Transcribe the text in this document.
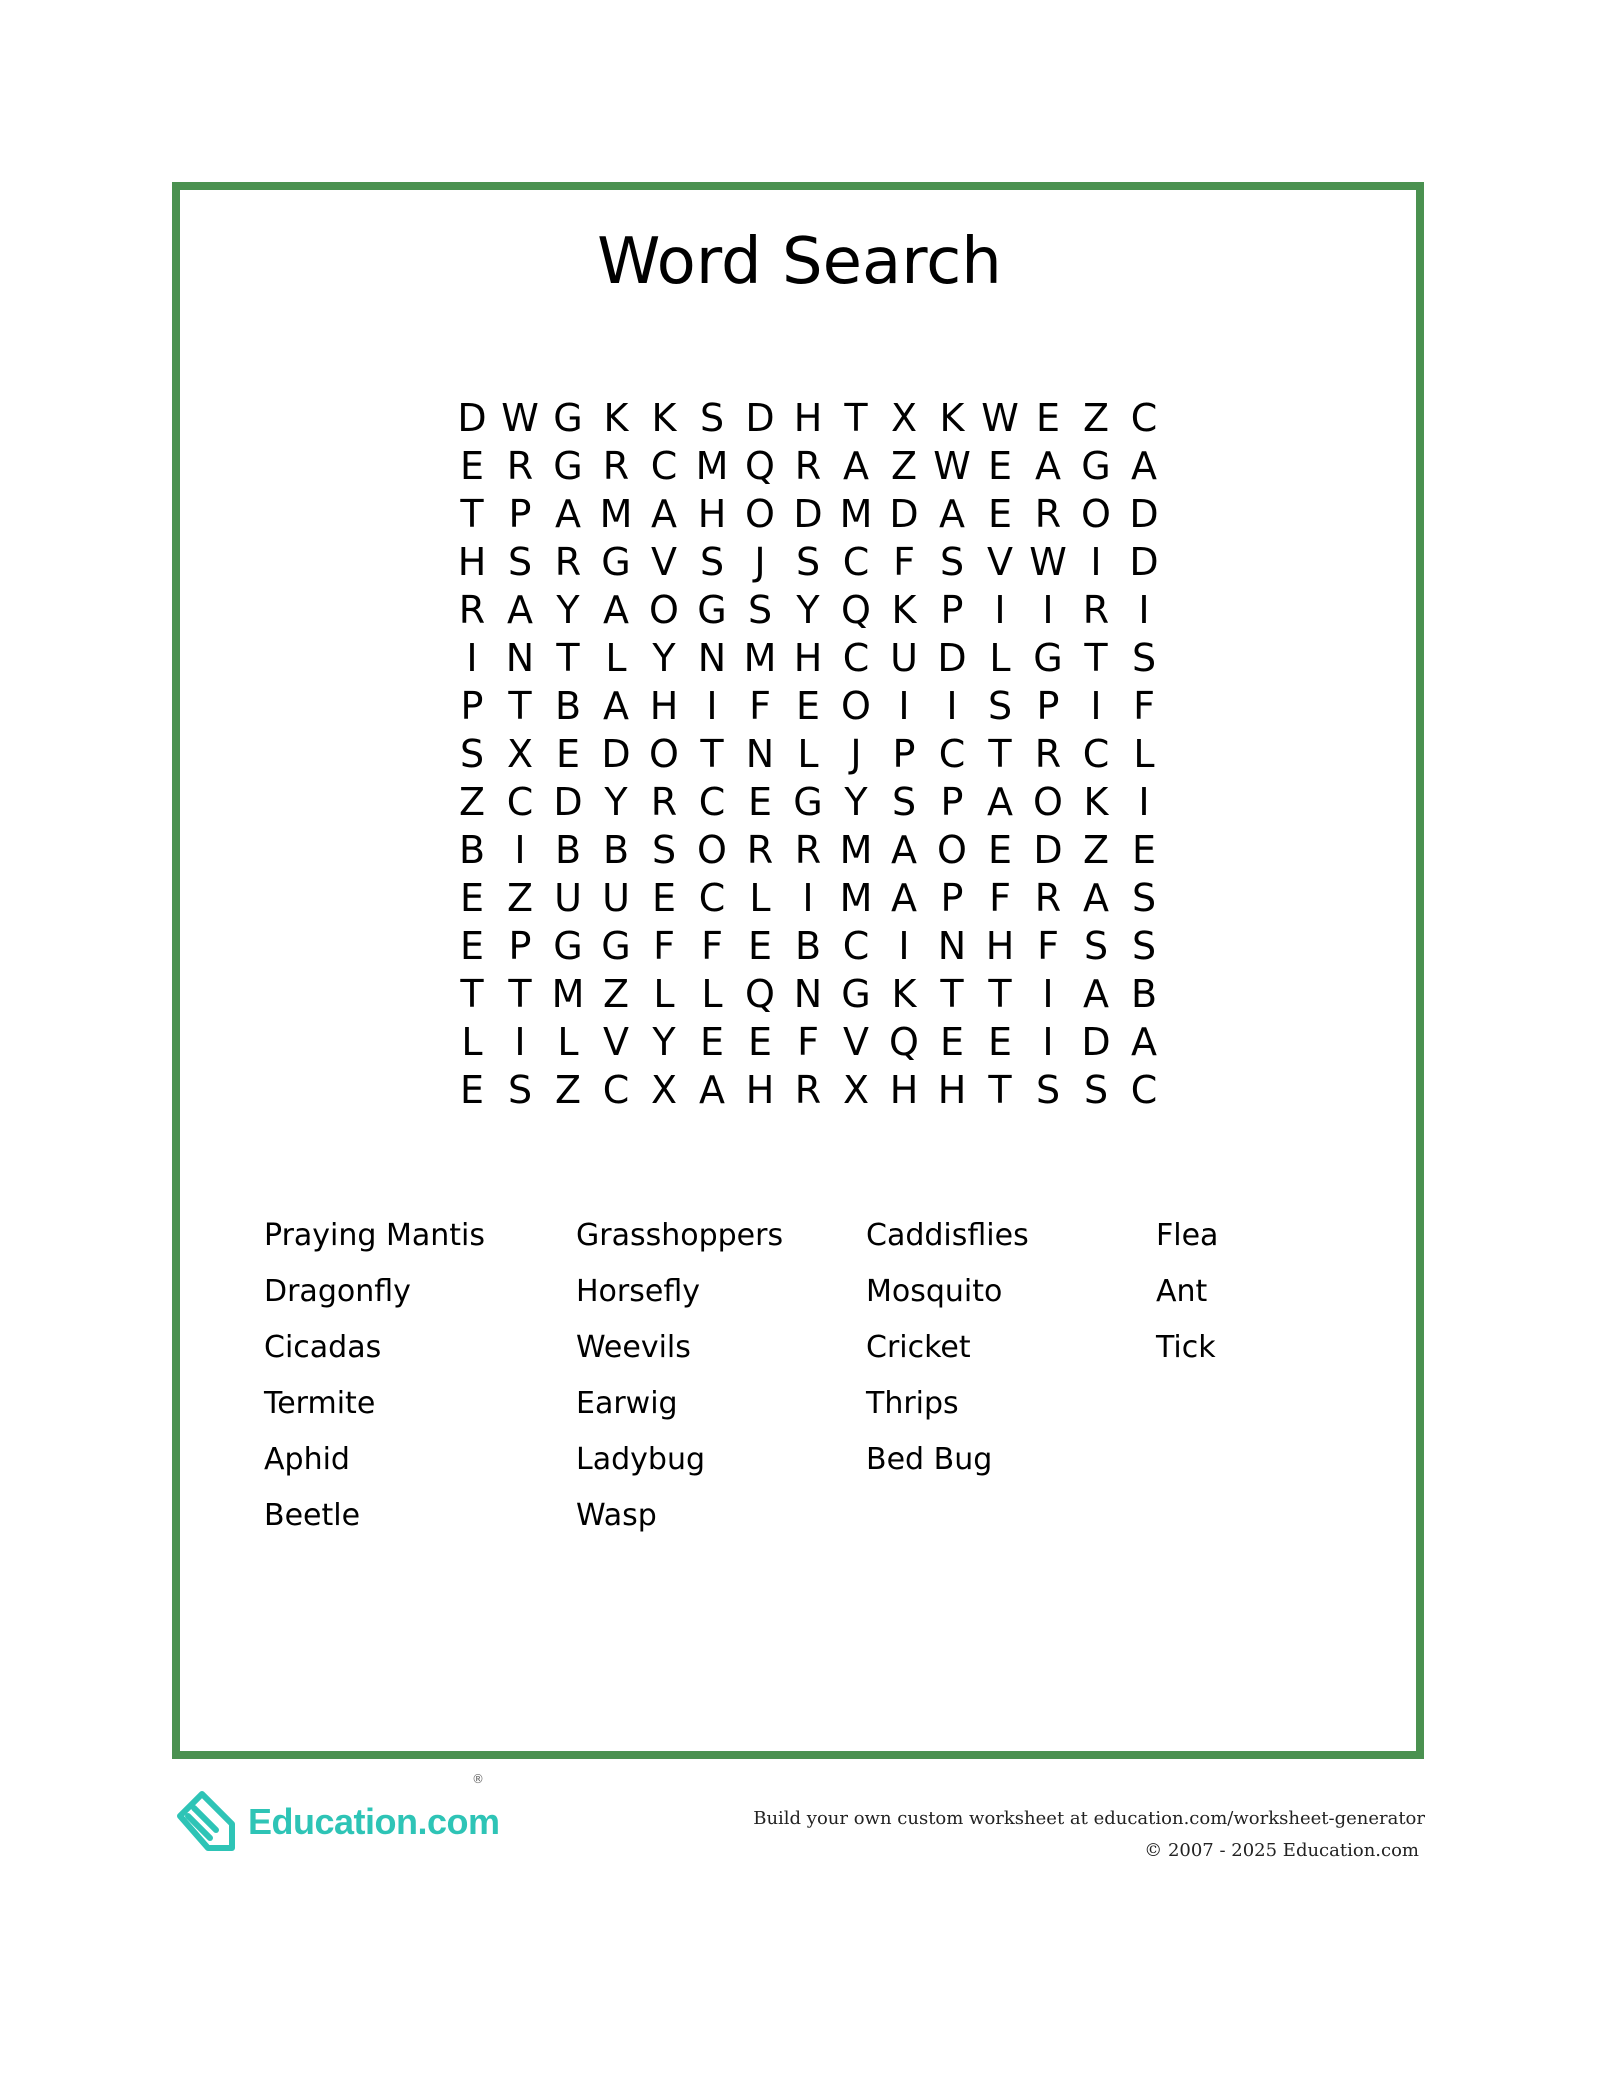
Word Search
D W G K K S D H T X K W E Z C
E R G R C M Q R A Z W E A G A
T P A M A H O D M D A E R O D
H S R G V S J S C F S V W I D
R A Y A O G S Y Q K P I I R I
I N T L Y N M H C U D L G T S
P T B A H I F E O I I S P I F
S X E D O T N L J P C T R C L
Z C D Y R C E G Y S P A O K I
B I B B S O R R M A O E D Z E
E Z U U E C L I M A P F R A S
E P G G F F E B C I N H F S S
T T M Z L L Q N G K T T I A B
L I L V Y E E F V Q E E I D A
E S Z C X A H R X H H T S S C
Praying Mantis
Dragonfly
Cicadas
Termite
Aphid
Beetle
Grasshoppers
Horsefly
Weevils
Earwig
Ladybug
Wasp
Caddisflies
Mosquito
Cricket
Thrips
Bed Bug
Flea
Ant
Tick
Education.com
®
Build your own custom worksheet at education.com/worksheet-generator
© 2007 - 2025 Education.com
